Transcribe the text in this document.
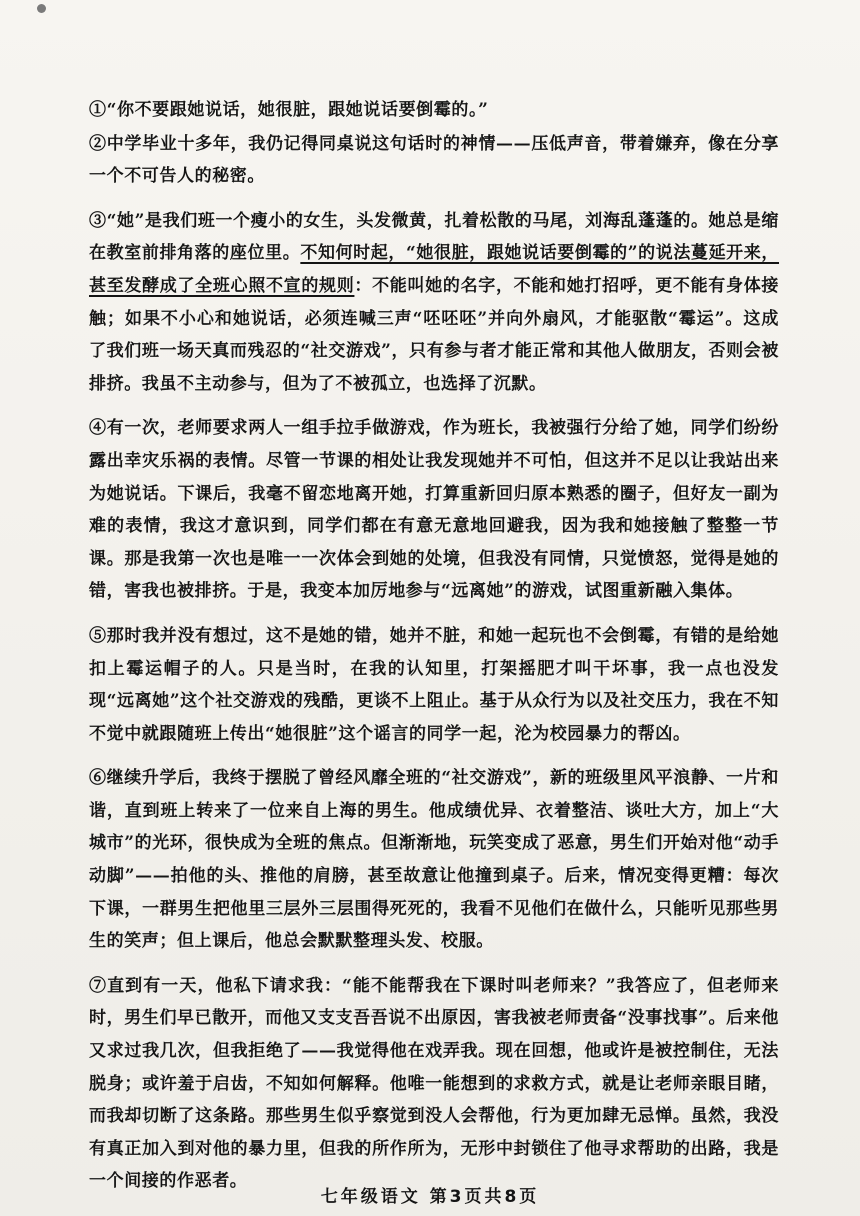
①“你不要跟她说话，她很脏，跟她说话要倒霉的。”

②中学毕业十多年，我仍记得同桌说这句话时的神情——压低声音，带着嫌弃，像在分享一个不可告人的秘密。

③“她”是我们班一个瘦小的女生，头发微黄，扎着松散的马尾，刘海乱蓬蓬的。她总是缩在教室前排角落的座位里。不知何时起，“她很脏，跟她说话要倒霉的”的说法蔓延开来，甚至发酵成了全班心照不宣的规则：不能叫她的名字，不能和她打招呼，更不能有身体接触；如果不小心和她说话，必须连喊三声“呸呸呸”并向外扇风，才能驱散“霉运”。这成了我们班一场天真而残忍的“社交游戏”，只有参与者才能正常和其他人做朋友，否则会被排挤。我虽不主动参与，但为了不被孤立，也选择了沉默。

④有一次，老师要求两人一组手拉手做游戏，作为班长，我被强行分给了她，同学们纷纷露出幸灾乐祸的表情。尽管一节课的相处让我发现她并不可怕，但这并不足以让我站出来为她说话。下课后，我毫不留恋地离开她，打算重新回归原本熟悉的圈子，但好友一副为难的表情，我这才意识到，同学们都在有意无意地回避我，因为我和她接触了整整一节课。那是我第一次也是唯一一次体会到她的处境，但我没有同情，只觉愤怒，觉得是她的错，害我也被排挤。于是，我变本加厉地参与“远离她”的游戏，试图重新融入集体。

⑤那时我并没有想过，这不是她的错，她并不脏，和她一起玩也不会倒霉，有错的是给她扣上霉运帽子的人。只是当时，在我的认知里，打架摇肥才叫干坏事，我一点也没发现“远离她”这个社交游戏的残酷，更谈不上阻止。基于从众行为以及社交压力，我在不知不觉中就跟随班上传出“她很脏”这个谣言的同学一起，沦为校园暴力的帮凶。

⑥继续升学后，我终于摆脱了曾经风靡全班的“社交游戏”，新的班级里风平浪静、一片和谐，直到班上转来了一位来自上海的男生。他成绩优异、衣着整洁、谈吐大方，加上“大城市”的光环，很快成为全班的焦点。但渐渐地，玩笑变成了恶意，男生们开始对他“动手动脚”——拍他的头、推他的肩膀，甚至故意让他撞到桌子。后来，情况变得更糟：每次下课，一群男生把他里三层外三层围得死死的，我看不见他们在做什么，只能听见那些男生的笑声；但上课后，他总会默默整理头发、校服。

⑦直到有一天，他私下请求我：“能不能帮我在下课时叫老师来？”我答应了，但老师来时，男生们早已散开，而他又支支吾吾说不出原因，害我被老师责备“没事找事”。后来他又求过我几次，但我拒绝了——我觉得他在戏弄我。现在回想，他或许是被控制住，无法脱身；或许羞于启齿，不知如何解释。他唯一能想到的求救方式，就是让老师亲眼目睹，而我却切断了这条路。那些男生似乎察觉到没人会帮他，行为更加肆无忌惮。虽然，我没有真正加入到对他的暴力里，但我的所作所为，无形中封锁住了他寻求帮助的出路，我是一个间接的作恶者。

七年级语文 第3页共8页
